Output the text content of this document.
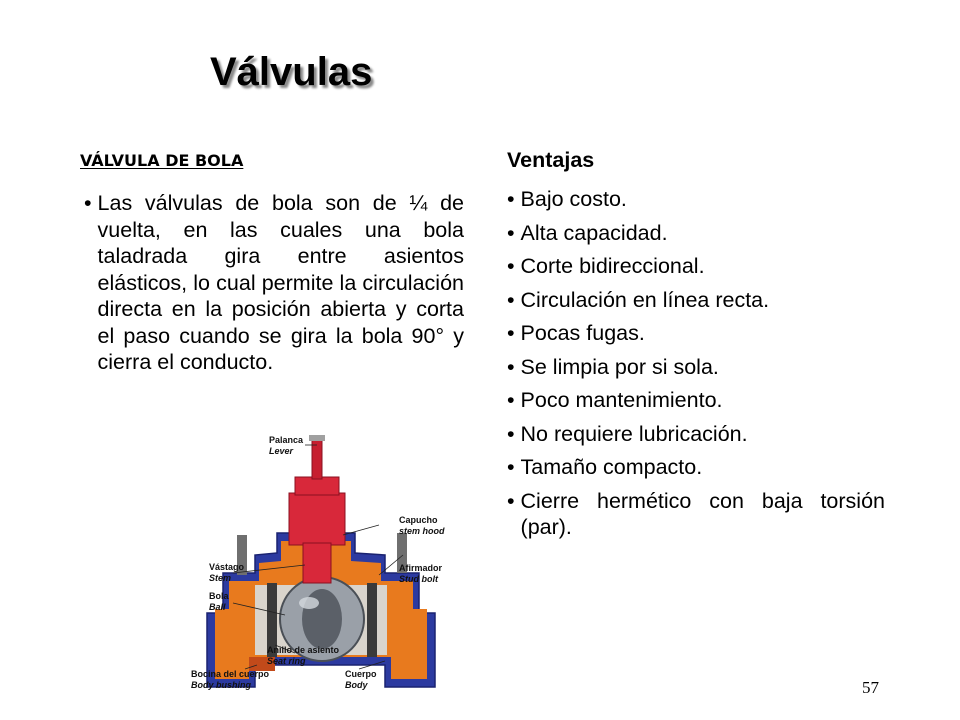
Válvulas
VÁLVULA DE BOLA
• Las válvulas de bola son de ¼ de vuelta, en las cuales una bola taladrada gira entre asientos elásticos, lo cual permite la circulación directa en la posición abierta y corta el paso cuando se gira la bola 90° y cierra el conducto.
Ventajas
• Bajo costo.
• Alta capacidad.
• Corte bidireccional.
• Circulación en línea recta.
• Pocas fugas.
• Se limpia por si sola.
• Poco mantenimiento.
• No requiere lubricación.
• Tamaño compacto.
• Cierre hermético con baja torsión (par).
Palanca
Lever
Capucho
stem hood
Vástago
Stem
Afirmador
Stud bolt
Bola
Ball
Anillo de asiento
Seat ring
Bocina del cuerpo
Body bushing
Cuerpo
Body	57
